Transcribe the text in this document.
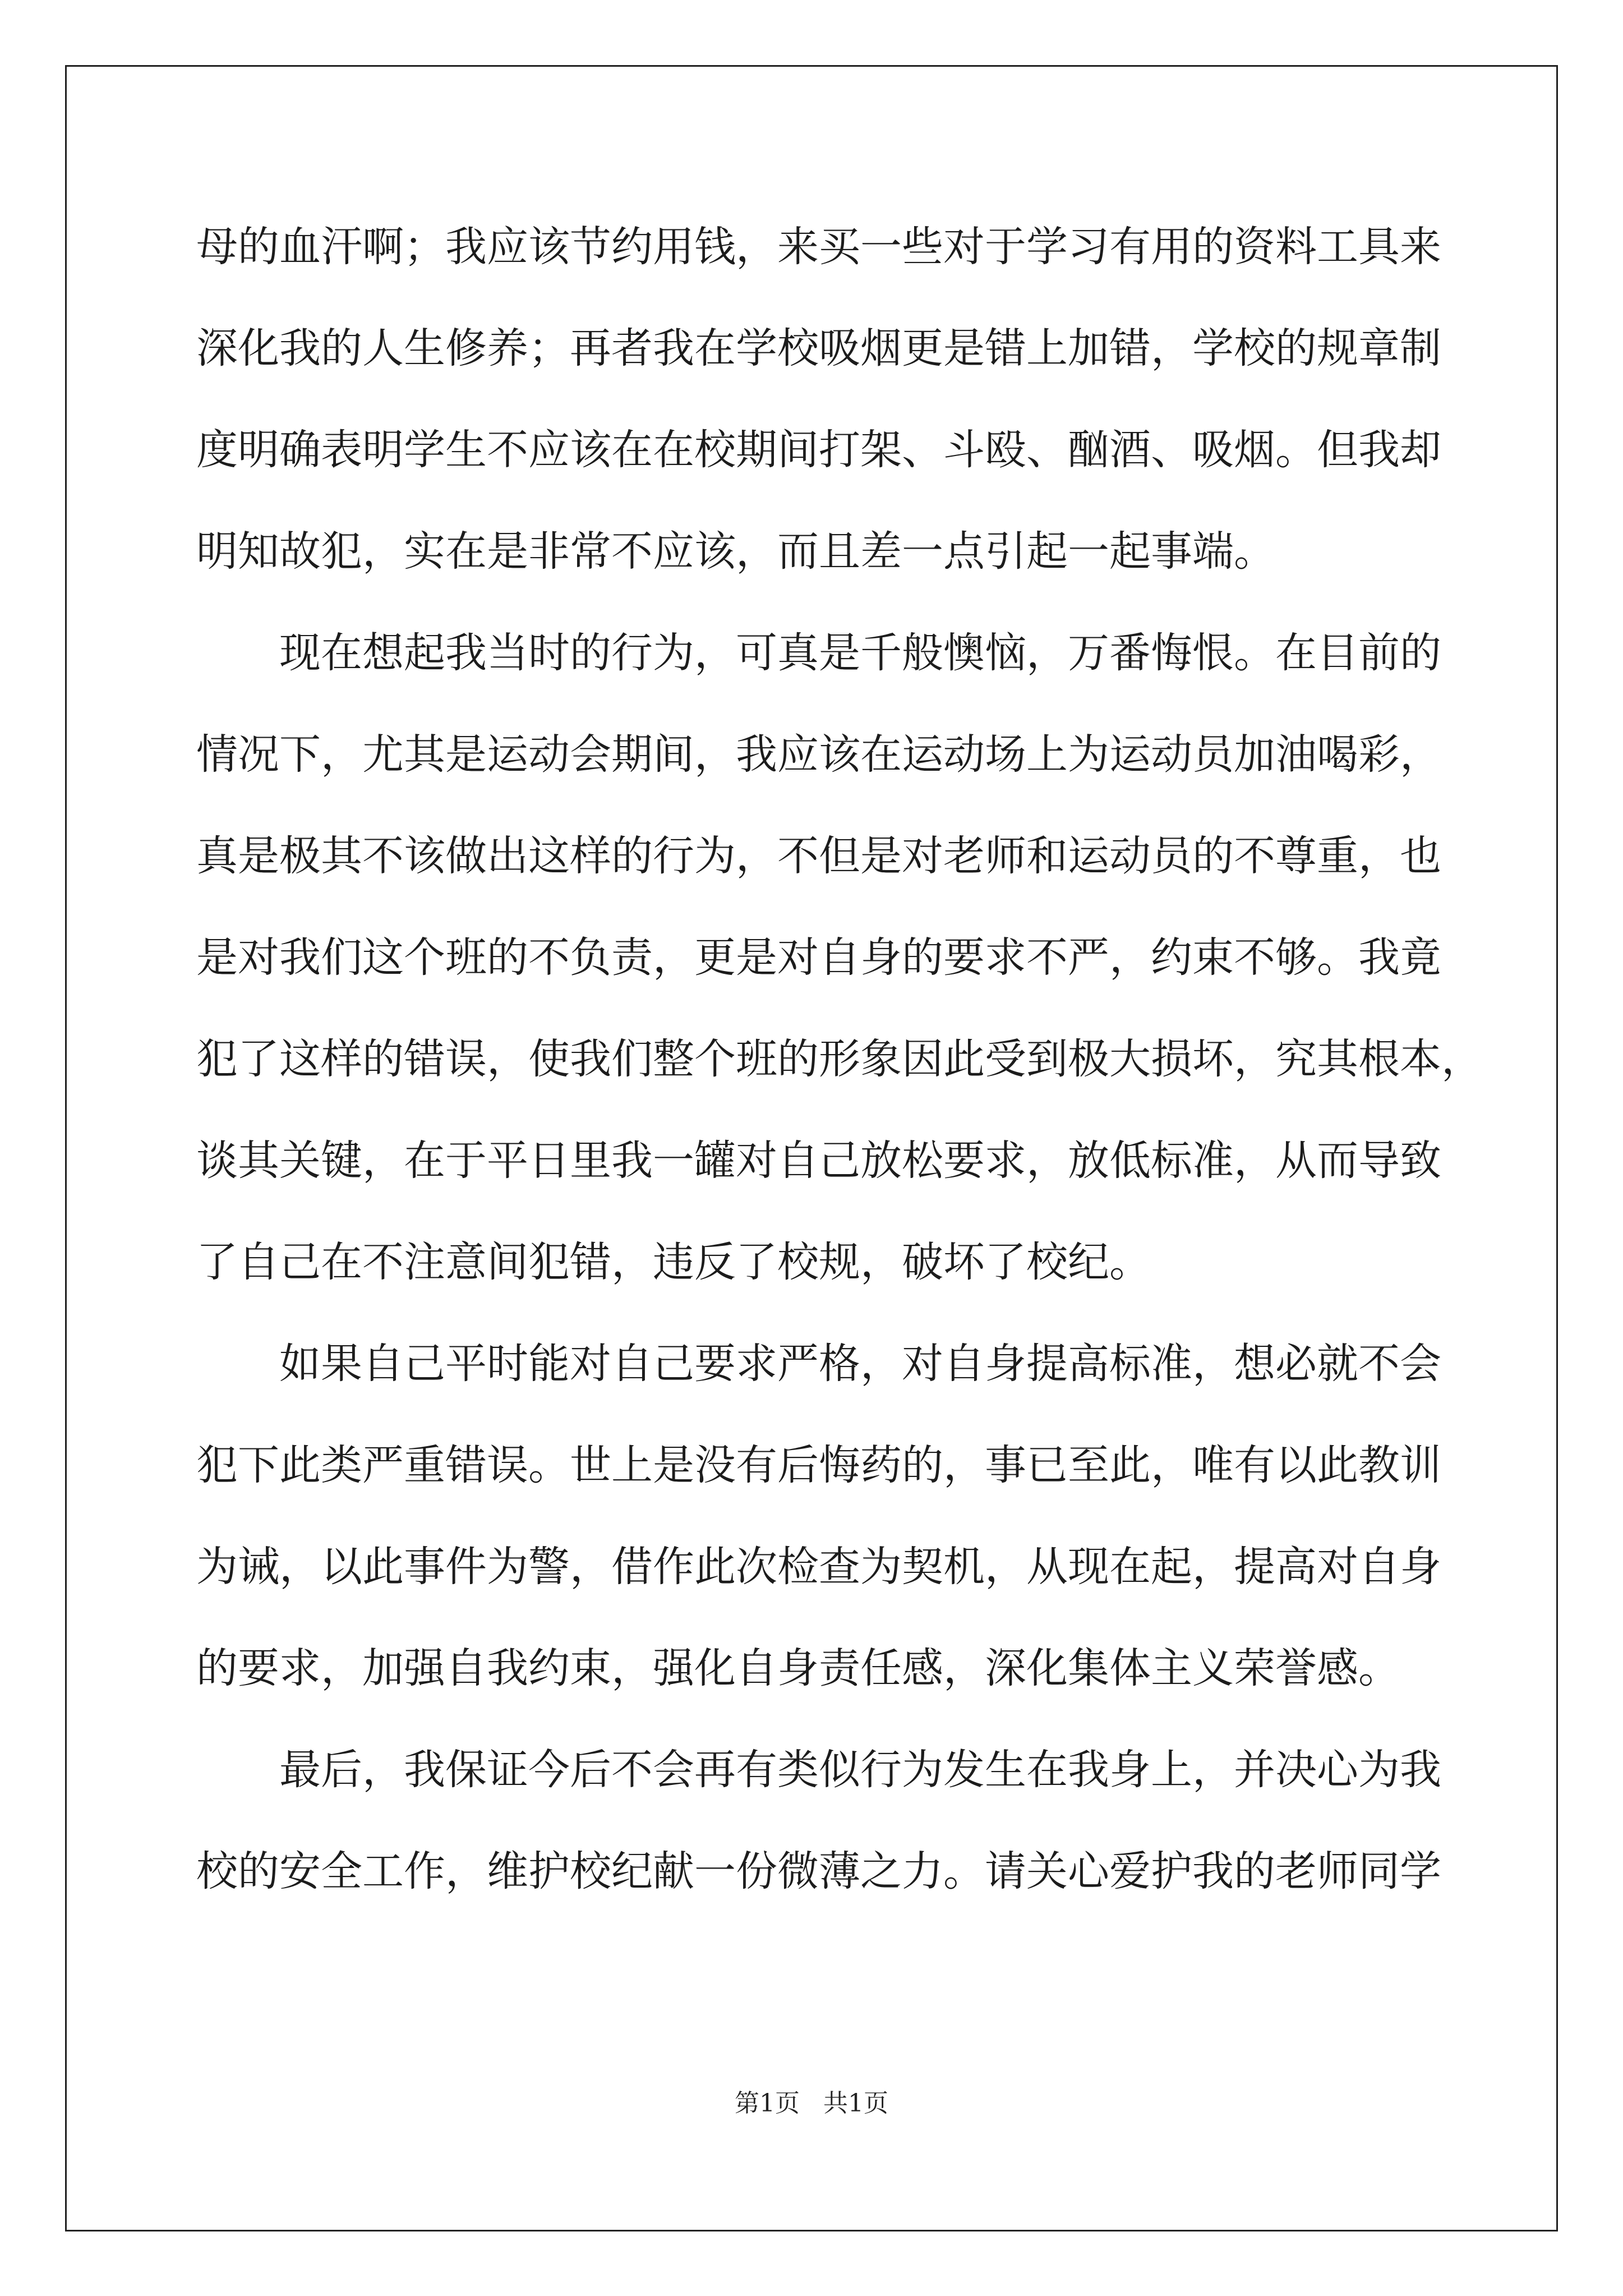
母的血汗啊；我应该节约用钱，来买一些对于学习有用的资料工具来
深化我的人生修养；再者我在学校吸烟更是错上加错，学校的规章制
度明确表明学生不应该在在校期间打架、斗殴、酗酒、吸烟。但我却
明知故犯，实在是非常不应该，而且差一点引起一起事端。
现在想起我当时的行为，可真是千般懊恼，万番悔恨。在目前的
情况下，尤其是运动会期间，我应该在运动场上为运动员加油喝彩，
真是极其不该做出这样的行为，不但是对老师和运动员的不尊重，也
是对我们这个班的不负责，更是对自身的要求不严，约束不够。我竟
犯了这样的错误，使我们整个班的形象因此受到极大损坏，究其根本，
谈其关键，在于平日里我一罐对自己放松要求，放低标准，从而导致
了自己在不注意间犯错，违反了校规，破坏了校纪。
如果自己平时能对自己要求严格，对自身提高标准，想必就不会
犯下此类严重错误。世上是没有后悔药的，事已至此，唯有以此教训
为诫，以此事件为警，借作此次检查为契机，从现在起，提高对自身
的要求，加强自我约束，强化自身责任感，深化集体主义荣誉感。
最后，我保证今后不会再有类似行为发生在我身上，并决心为我
校的安全工作，维护校纪献一份微薄之力。请关心爱护我的老师同学
第1页   共1页
